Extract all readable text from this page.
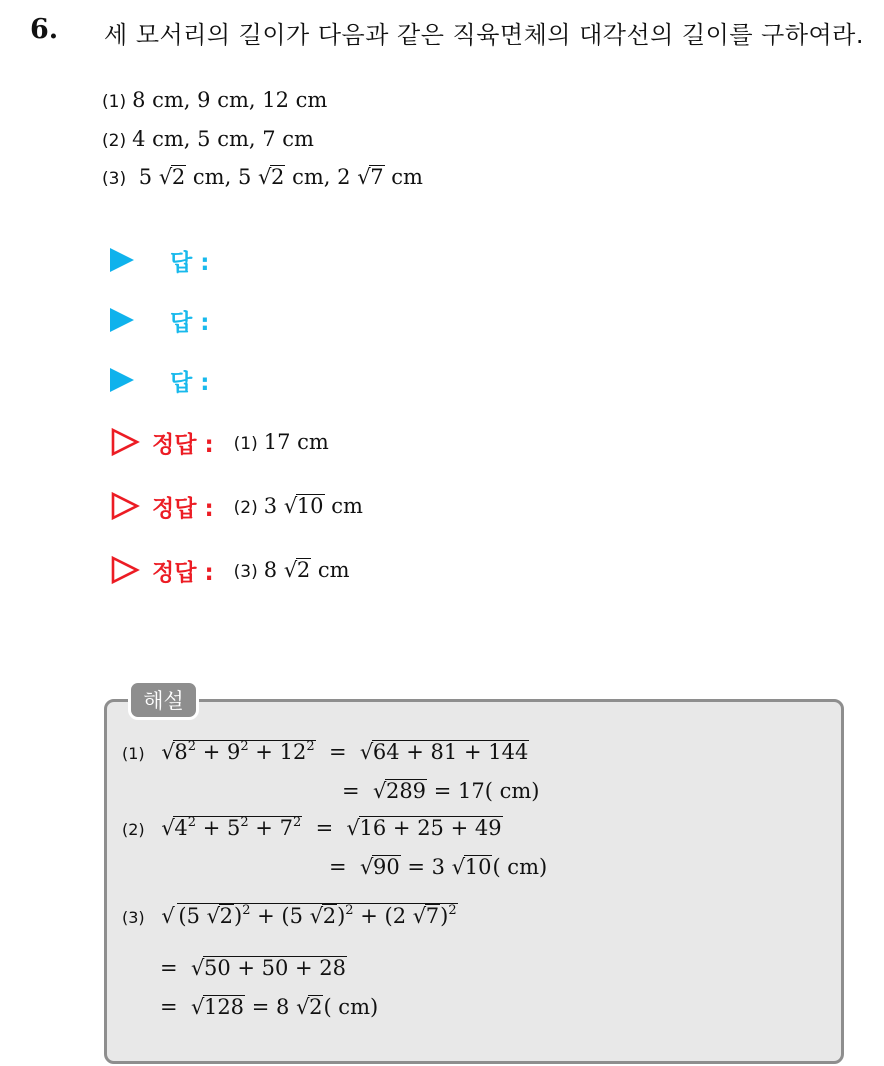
6. 세 모서리의 길이가 다음과 같은 직육면체의 대각선의 길이를 구하여라.
(1) 8 cm, 9 cm, 12 cm
(2) 4 cm, 5 cm, 7 cm
(3) 5 √ 2 cm, 5 √ 2 cm, 2 √ 7 cm
답 :
답 :
답 :
정답 : (1) 17 cm
정답 : (2) 3 √ 10 cm
정답 : (3) 8 √ 2 cm
해설
(1) √ $8^2 + 9^2 + 12^2$  =  √ 64 + 81 + 144
=  √ 289 = 17( cm)
(2) √ $4^2 + 5^2 + 7^2$  =  √ 16 + 25 + 49
=  √ 90 = 3 √ 10( cm)
(3) √ (5 √ 2)$^2$ + (5 √ 2)$^2$ + (2 √ 7)$^2$
=  √ 50 + 50 + 28
=  √ 128 = 8 √ 2( cm)
